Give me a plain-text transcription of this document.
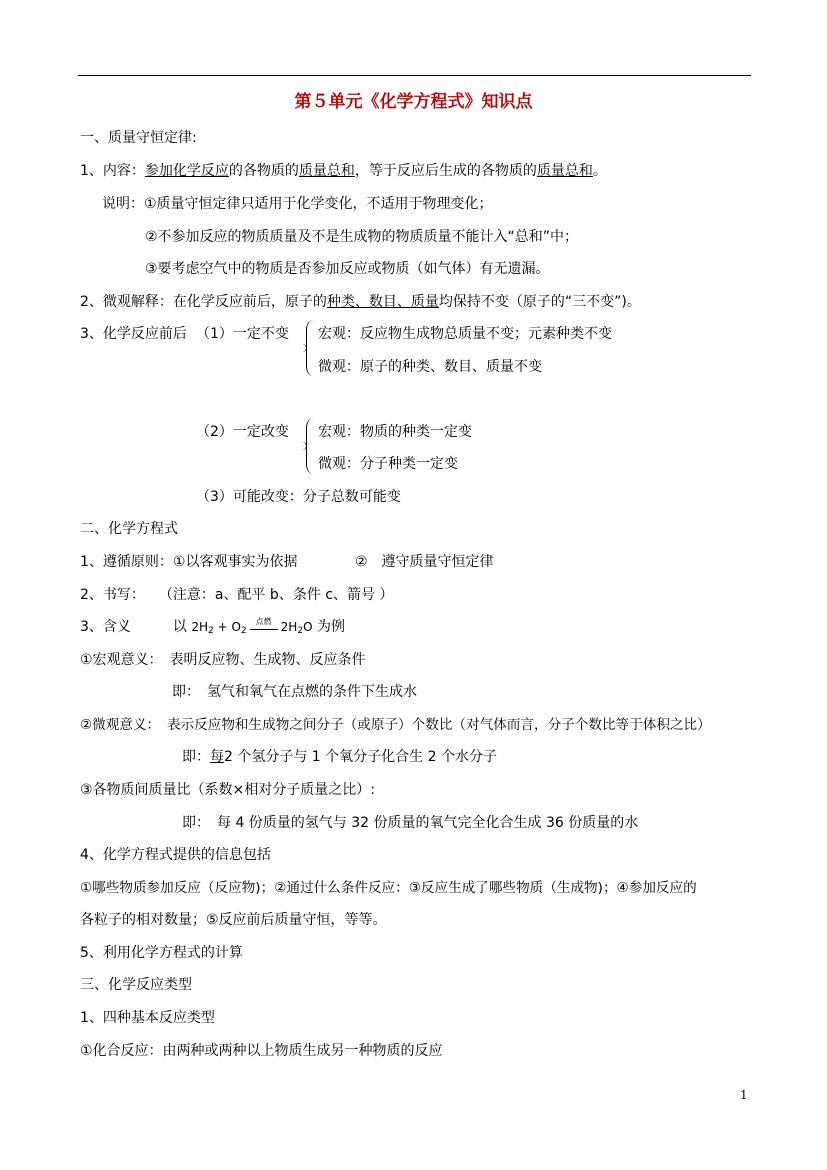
第５单元《化学方程式》知识点
一、质量守恒定律:
1、内容：参加化学反应的各物质的质量总和，等于反应后生成的各物质的质量总和。
说明：①质量守恒定律只适用于化学变化，不适用于物理变化；
②不参加反应的物质质量及不是生成物的物质质量不能计入“总和”中；
③要考虑空气中的物质是否参加反应或物质（如气体）有无遗漏。
2、微观解释：在化学反应前后，原子的种类、数目、质量均保持不变（原子的“三不变”)。
3、化学反应前后 （1）一定不变 宏观：反应物生成物总质量不变；元素种类不变
微观：原子的种类、数目、质量不变
（2）一定改变 宏观：物质的种类一定变
微观：分子种类一定变
（3）可能改变：分子总数可能变
二、化学方程式
1、遵循原则：①以客观事实为依据	②　遵守质量守恒定律
2、书写：　　（注意：a、配平 b、条件 c、箭号 ）
3、含义　　　以 $2H_2 + O_2$
点燃 $2H_2O$ 为例
①宏观意义：　表明反应物、生成物、反应条件
即：　氢气和氧气在点燃的条件下生成水
②微观意义：　表示反应物和生成物之间分子（或原子）个数比（对气体而言，分子个数比等于体积之比）
即：每2 个氢分子与 1 个氧分子化合生 2 个水分子
③各物质间质量比（系数×相对分子质量之比）:
即：　每 4 份质量的氢气与 32 份质量的氧气完全化合生成 36 份质量的水
4、化学方程式提供的信息包括
①哪些物质参加反应（反应物)；②通过什么条件反应：③反应生成了哪些物质（生成物)；④参加反应的
各粒子的相对数量；⑤反应前后质量守恒，等等。
5、利用化学方程式的计算
三、化学反应类型
1、四种基本反应类型
①化合反应：由两种或两种以上物质生成另一种物质的反应
1
